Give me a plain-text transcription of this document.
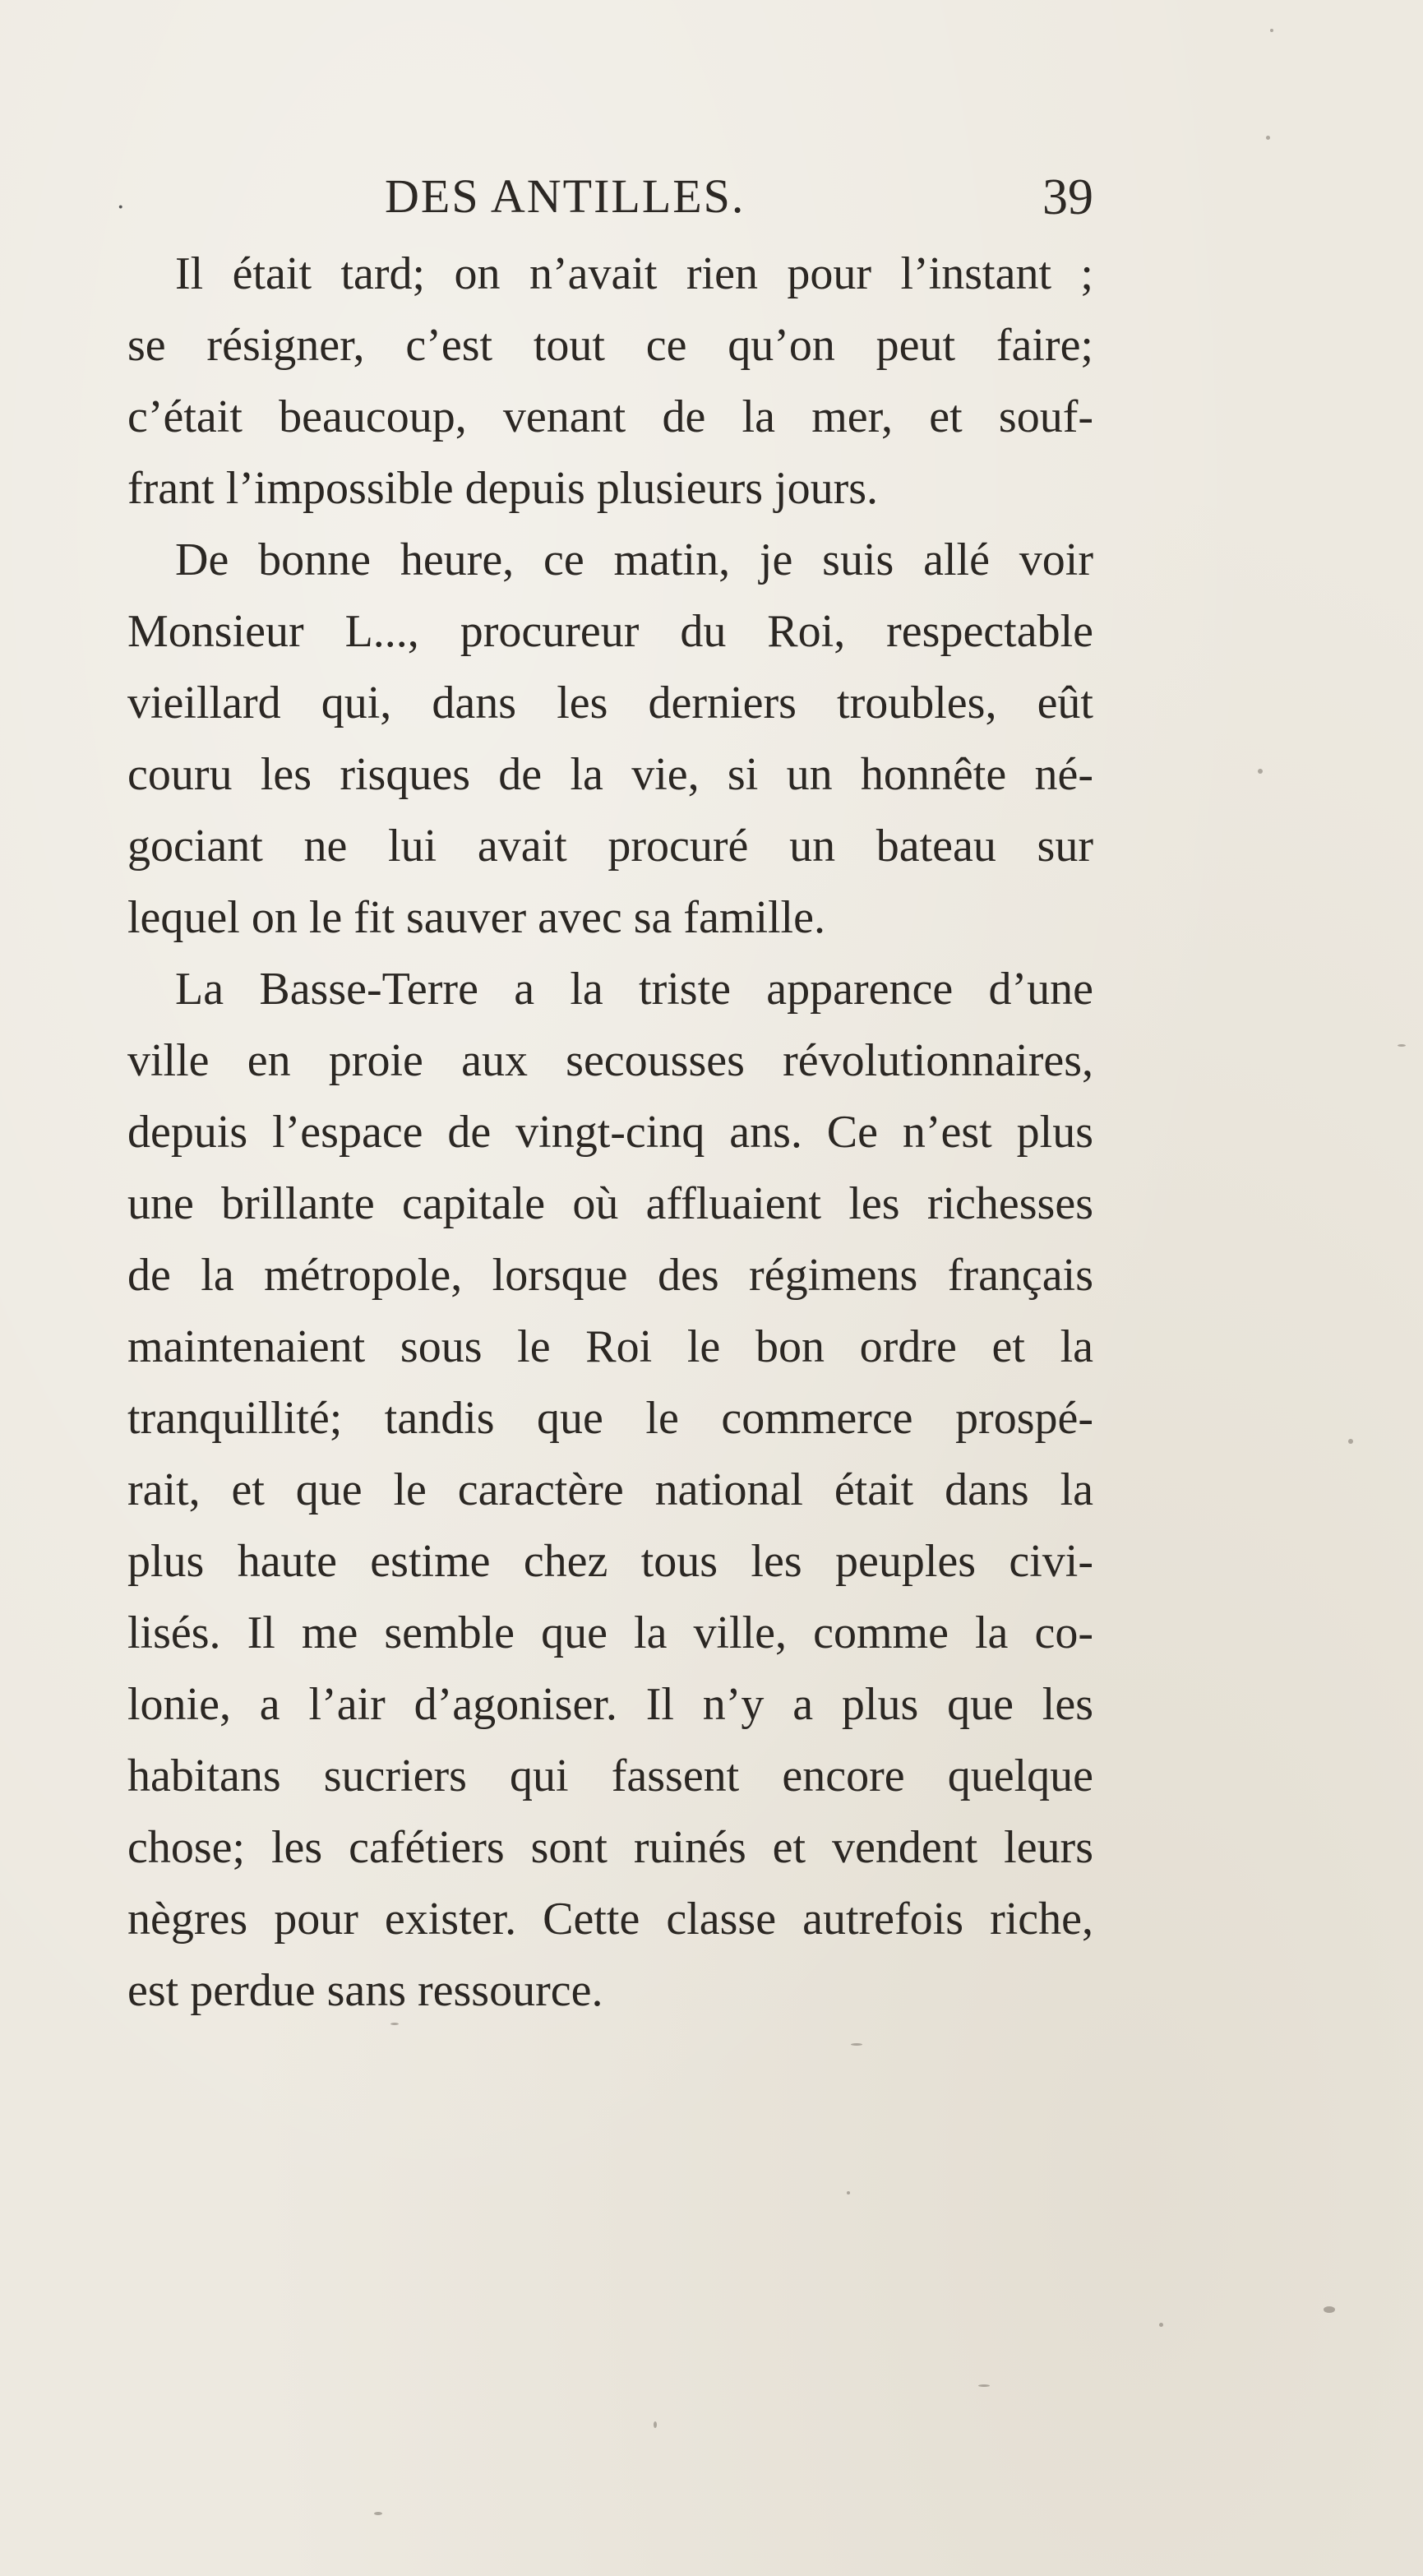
·	DES ANTILLES.	39
Il était tard; on n’avait rien pour l’instant ;
se résigner, c’est tout ce qu’on peut faire;
c’était beaucoup, venant de la mer, et souf-
frant l’impossible depuis plusieurs jours.
De bonne heure, ce matin, je suis allé voir
Monsieur L..., procureur du Roi, respectable
vieillard qui, dans les derniers troubles, eût
couru les risques de la vie, si un honnête né-
gociant ne lui avait procuré un bateau sur
lequel on le fit sauver avec sa famille.
La Basse-Terre a la triste apparence d’une
ville en proie aux secousses révolutionnaires,
depuis l’espace de vingt-cinq ans. Ce n’est plus
une brillante capitale où affluaient les richesses
de la métropole, lorsque des régimens français
maintenaient sous le Roi le bon ordre et la
tranquillité; tandis que le commerce prospé-
rait, et que le caractère national était dans la
plus haute estime chez tous les peuples civi-
lisés. Il me semble que la ville, comme la co-
lonie, a l’air d’agoniser. Il n’y a plus que les
habitans sucriers qui fassent encore quelque
chose; les cafétiers sont ruinés et vendent leurs
nègres pour exister. Cette classe autrefois riche,
est perdue sans ressource.
